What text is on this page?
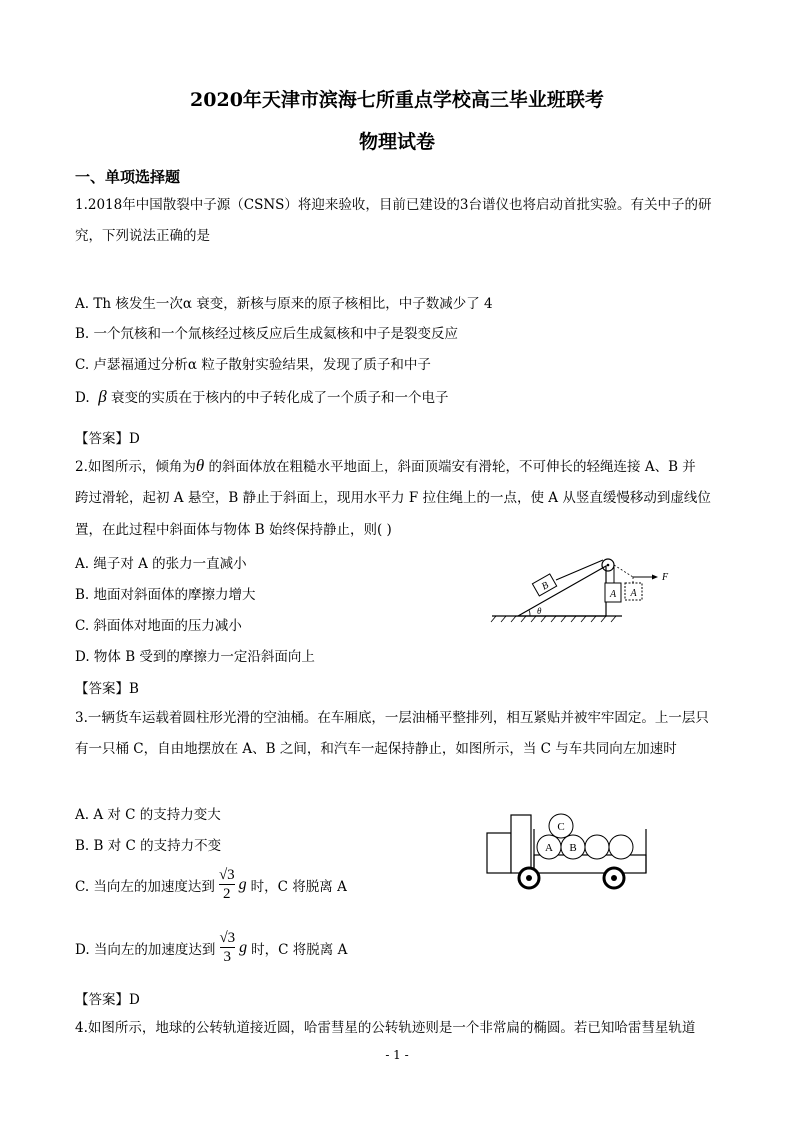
2020年天津市滨海七所重点学校高三毕业班联考
物理试卷
一、单项选择题
1.2018年中国散裂中子源（CSNS）将迎来验收，目前已建设的3台谱仪也将启动首批实验。有关中子的研
究，下列说法正确的是
A. Th 核发生一次α 衰变，新核与原来的原子核相比，中子数减少了 4
B. 一个氘核和一个氚核经过核反应后生成氦核和中子是裂变反应
C. 卢瑟福通过分析α 粒子散射实验结果，发现了质子和中子
D. β 衰变的实质在于核内的中子转化成了一个质子和一个电子
【答案】D
2.如图所示，倾角为θ 的斜面体放在粗糙水平地面上，斜面顶端安有滑轮，不可伸长的轻绳连接 A、B 并
跨过滑轮，起初 A 悬空，B 静止于斜面上，现用水平力 F 拉住绳上的一点，使 A 从竖直缓慢移动到虚线位
置，在此过程中斜面体与物体 B 始终保持静止，则( )
A. 绳子对 A 的张力一直减小
B. 地面对斜面体的摩擦力增大
C. 斜面体对地面的压力减小
D. 物体 B 受到的摩擦力一定沿斜面向上
【答案】B
B
A A
F
θ
3.一辆货车运载着圆柱形光滑的空油桶。在车厢底，一层油桶平整排列，相互紧贴并被牢牢固定。上一层只
有一只桶 C，自由地摆放在 A、B 之间，和汽车一起保持静止，如图所示，当 C 与车共同向左加速时
A. A 对 C 的支持力变大
B. B 对 C 的支持力不变
C. 当向左的加速度达到 $\frac{√3}{2}$ g 时，C 将脱离 A
D. 当向左的加速度达到 $\frac{√3}{3}$ g 时，C 将脱离 A
【答案】D
A B
C
4.如图所示，地球的公转轨道接近圆，哈雷彗星的公转轨迹则是一个非常扁的椭圆。若已知哈雷彗星轨道
- 1 -
